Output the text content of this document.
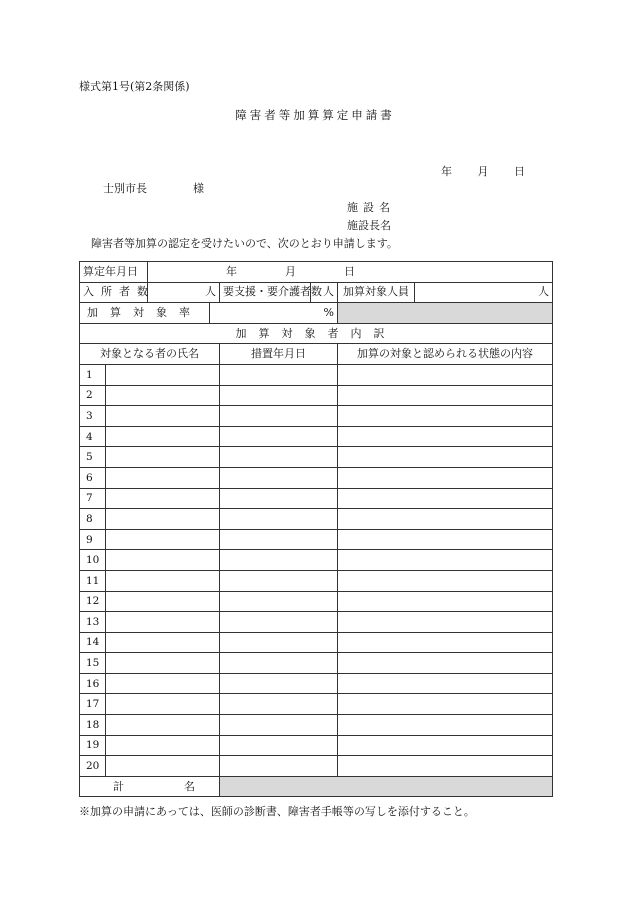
様式第1号(第2条関係)
障害者等加算算定申請書
年 月 日
士別市長	様
施設名
施設長名
障害者等加算の認定を受けたいので、次のとおり申請します。
算定年月日		年 月 日					
入所者数		人		要支援・要介護者数	人	加算対象人員	人
加算対象率			%				
加算対象者内訳							
対象となる者の氏名				措置年月日		加算の対象と認められる状態の内容	
1							
2							
3							
4							
5							
6							
7							
8							
9							
10							
11							
12							
13							
14							
15							
16							
17							
18							
19							
20							
計 名							
※加算の申請にあっては、医師の診断書、障害者手帳等の写しを添付すること。
